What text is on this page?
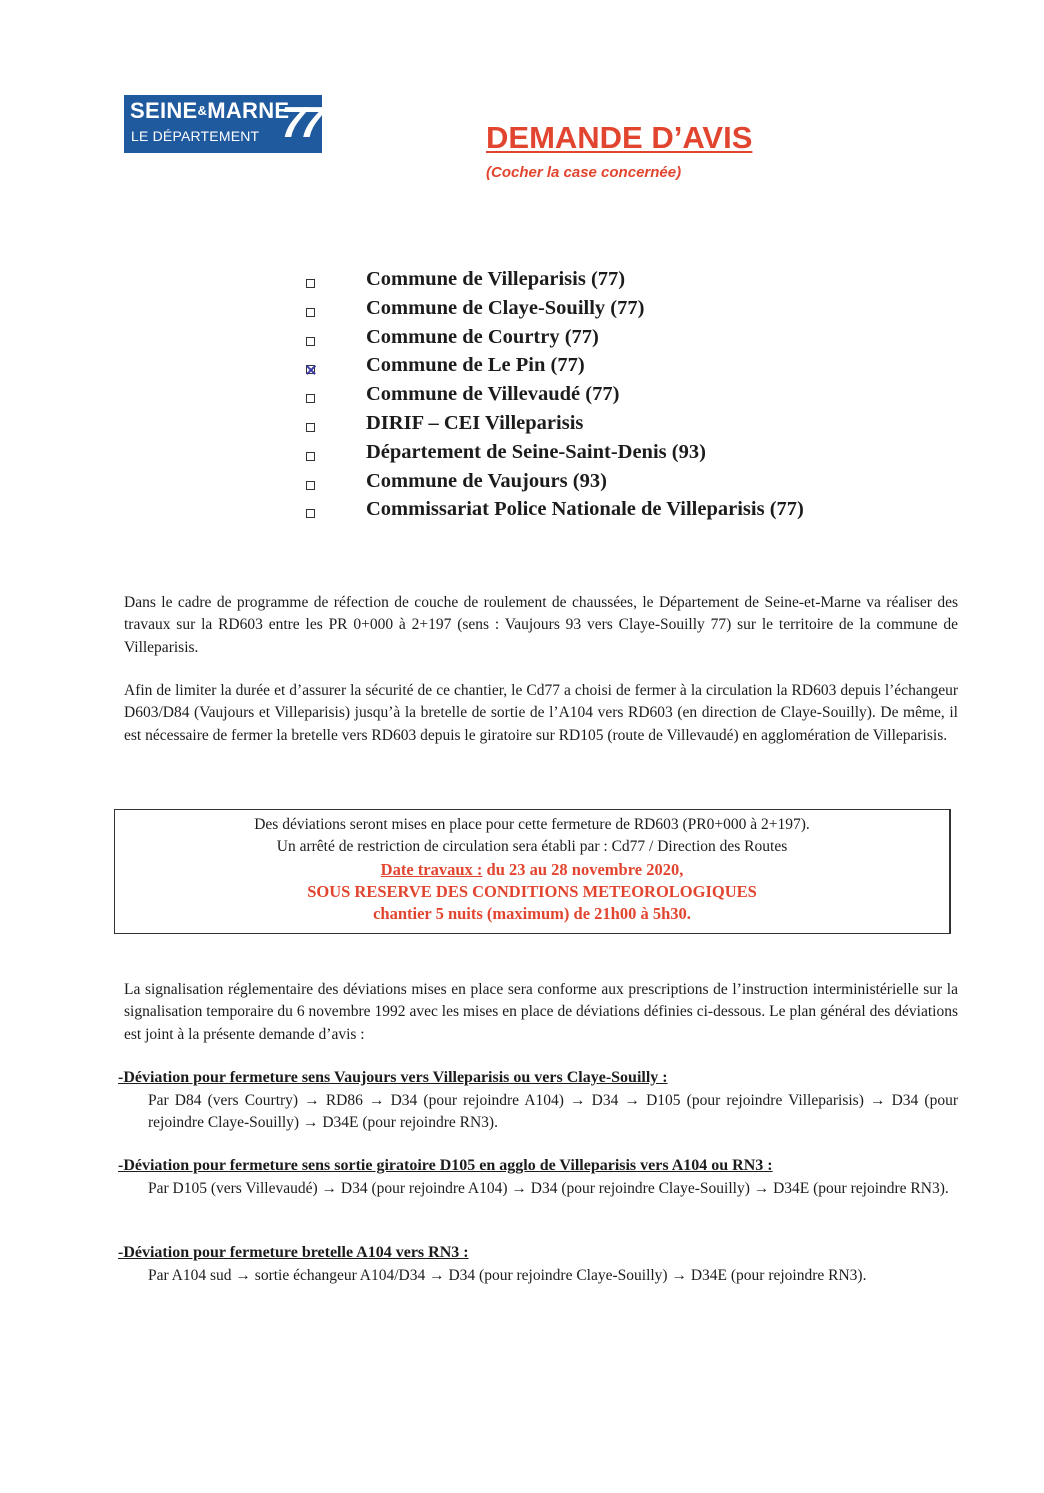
SEINE&MARNE
LE DÉPARTEMENT 77	DEMANDE D’AVIS
(Cocher la case concernée)
Commune de Villeparisis (77)
Commune de Claye-Souilly (77)
Commune de Courtry (77)
Commune de Le Pin (77)
Commune de Villevaudé (77)
DIRIF – CEI Villeparisis
Département de Seine-Saint-Denis (93)
Commune de Vaujours (93)
Commissariat Police Nationale de Villeparisis (77)

Dans le cadre de programme de réfection de couche de roulement de chaussées, le Département de Seine-et-Marne va réaliser des travaux sur la RD603 entre les PR 0+000 à 2+197 (sens : Vaujours 93 vers Claye-Souilly 77) sur le territoire de la commune de Villeparisis.

Afin de limiter la durée et d’assurer la sécurité de ce chantier, le Cd77 a choisi de fermer à la circulation la RD603 depuis l’échangeur D603/D84 (Vaujours et Villeparisis) jusqu’à la bretelle de sortie de l’A104 vers RD603 (en direction de Claye-Souilly). De même, il est nécessaire de fermer la bretelle vers RD603 depuis le giratoire sur RD105 (route de Villevaudé) en agglomération de Villeparisis.

Des déviations seront mises en place pour cette fermeture de RD603 (PR0+000 à 2+197).
Un arrêté de restriction de circulation sera établi par : Cd77 / Direction des Routes
Date travaux : du 23 au 28 novembre 2020,
SOUS RESERVE DES CONDITIONS METEOROLOGIQUES
chantier 5 nuits (maximum) de 21h00 à 5h30.

La signalisation réglementaire des déviations mises en place sera conforme aux prescriptions de l’instruction interministérielle sur la signalisation temporaire du 6 novembre 1992 avec les mises en place de déviations définies ci-dessous. Le plan général des déviations est joint à la présente demande d’avis :

-Déviation pour fermeture sens Vaujours vers Villeparisis ou vers Claye-Souilly :

Par D84 (vers Courtry) → RD86 → D34 (pour rejoindre A104) → D34 → D105 (pour rejoindre Villeparisis) → D34 (pour rejoindre Claye-Souilly) → D34E (pour rejoindre RN3).

-Déviation pour fermeture sens sortie giratoire D105 en agglo de Villeparisis vers A104 ou RN3 :

Par D105 (vers Villevaudé) → D34 (pour rejoindre A104) → D34 (pour rejoindre Claye-Souilly) → D34E (pour rejoindre RN3).

-Déviation pour fermeture bretelle A104 vers RN3 :

Par A104 sud → sortie échangeur A104/D34 → D34 (pour rejoindre Claye-Souilly) → D34E (pour rejoindre RN3).
